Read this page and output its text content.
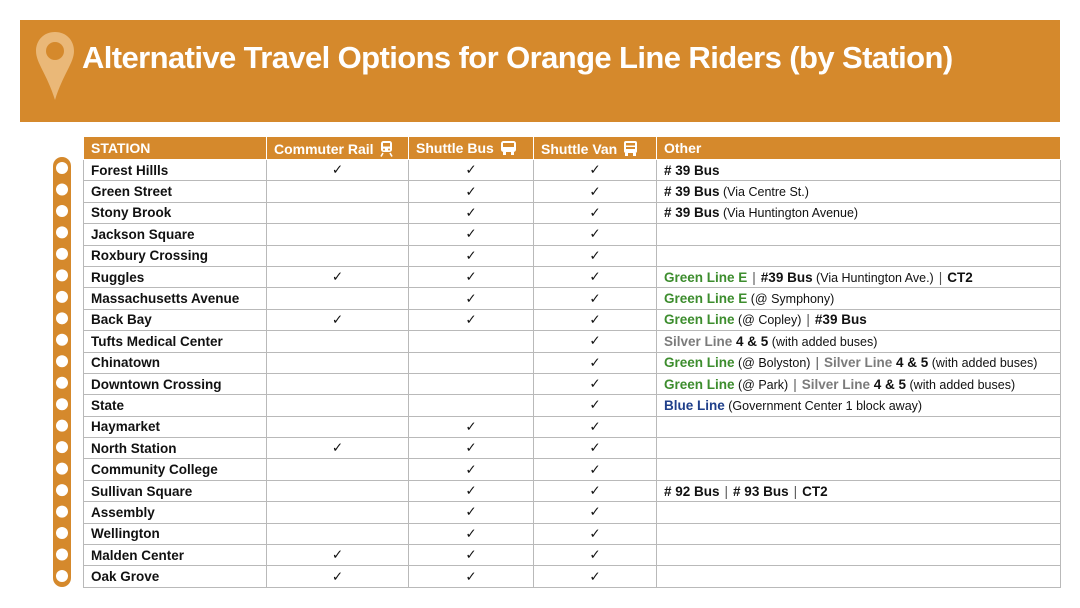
Alternative Travel Options for Orange Line Riders (by Station)
STATION	Commuter Rail	Shuttle Bus	Shuttle Van	Other
Forest Hillls	✓	✓	✓	# 39 Bus
Green Street		✓	✓	# 39 Bus (Via Centre St.)
Stony Brook		✓	✓	# 39 Bus (Via Huntington Avenue)
Jackson Square		✓	✓	
Roxbury Crossing		✓	✓	
Ruggles	✓	✓	✓	Green Line E | #39 Bus (Via Huntington Ave.) | CT2
Massachusetts Avenue		✓	✓	Green Line E (@ Symphony)
Back Bay	✓	✓	✓	Green Line (@ Copley) | #39 Bus
Tufts Medical Center			✓	Silver Line 4 & 5 (with added buses)
Chinatown			✓	Green Line (@ Bolyston) | Silver Line 4 & 5 (with added buses)
Downtown Crossing			✓	Green Line (@ Park) | Silver Line 4 & 5 (with added buses)
State			✓	Blue Line (Government Center 1 block away)
Haymarket		✓	✓	
North Station	✓	✓	✓	
Community College		✓	✓	
Sullivan Square		✓	✓	# 92 Bus | # 93 Bus | CT2
Assembly		✓	✓	
Wellington		✓	✓	
Malden Center	✓	✓	✓	
Oak Grove	✓	✓	✓	
